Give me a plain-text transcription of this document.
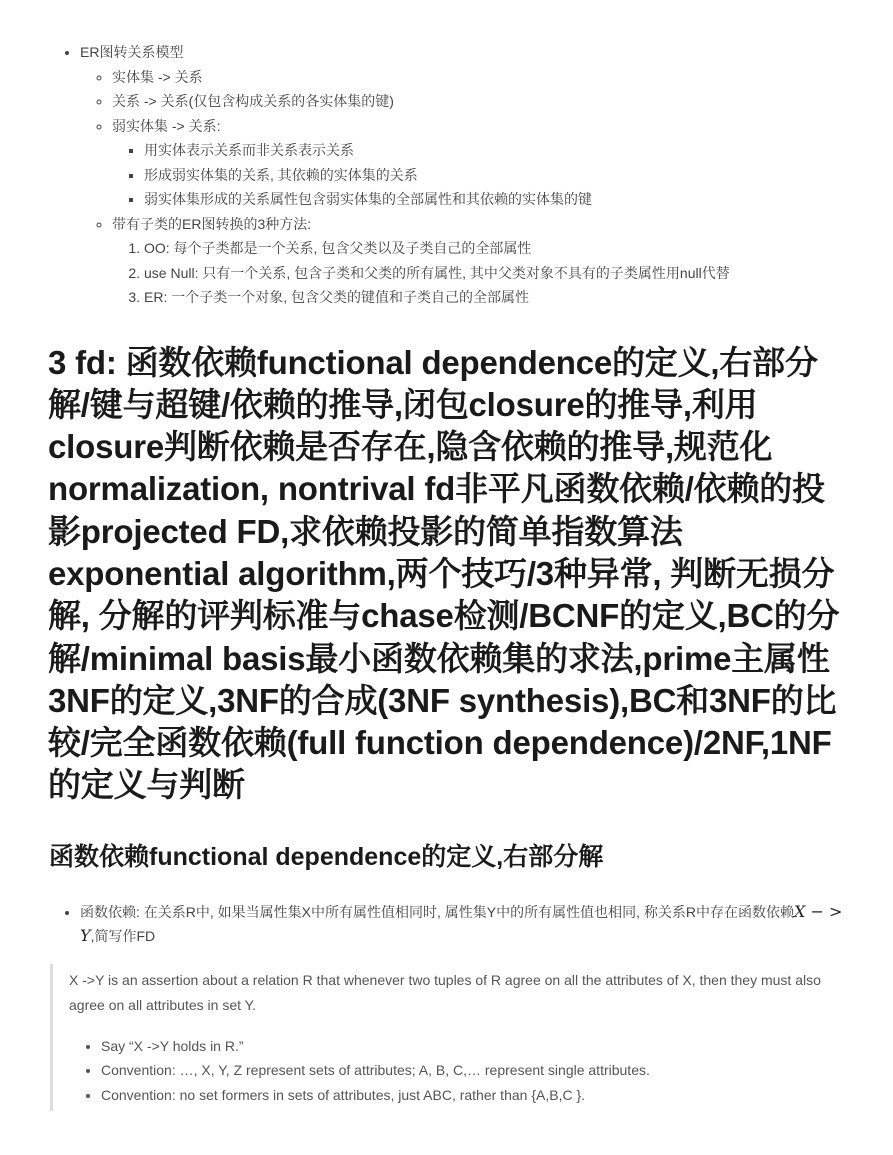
• ER图转关系模型
◦ 实体集 -> 关系
◦ 关系 -> 关系(仅包含构成关系的各实体集的键)
◦ 弱实体集 -> 关系:
▪ 用实体表示关系而非关系表示关系
▪ 形成弱实体集的关系, 其依赖的实体集的关系
▪ 弱实体集形成的关系属性包含弱实体集的全部属性和其依赖的实体集的键
◦ 带有子类的ER图转换的3种方法:
1. OO: 每个子类都是一个关系, 包含父类以及子类自己的全部属性
2. use Null: 只有一个关系, 包含子类和父类的所有属性, 其中父类对象不具有的子类属性用null代替
3. ER: 一个子类一个对象, 包含父类的键值和子类自己的全部属性
3 fd: 函数依赖functional dependence的定义,右部分解/键与超键/依赖的推导,闭包closure的推导,利用closure判断依赖是否存在,隐含依赖的推导,规范化normalization, nontrival fd非平凡函数依赖/依赖的投影projected FD,求依赖投影的简单指数算法exponential algorithm,两个技巧/3种异常, 判断无损分解, 分解的评判标准与chase检测/BCNF的定义,BC的分解/minimal basis最小函数依赖集的求法,prime主属性3NF的定义,3NF的合成(3NF synthesis),BC和3NF的比较/完全函数依赖(full function dependence)/2NF,1NF的定义与判断
函数依赖functional dependence的定义,右部分解
• 函数依赖: 在关系R中, 如果当属性集X中所有属性值相同时, 属性集Y中的所有属性值也相同, 称关系R中存在函数依赖X − > Y,简写作FD

X ->Y is an assertion about a relation R that whenever two tuples of R agree on all the attributes of X, then they must also agree on all attributes in set Y.

• Say “X ->Y holds in R.”
• Convention: …, X, Y, Z represent sets of attributes; A, B, C,… represent single attributes.
• Convention: no set formers in sets of attributes, just ABC, rather than {A,B,C }.
